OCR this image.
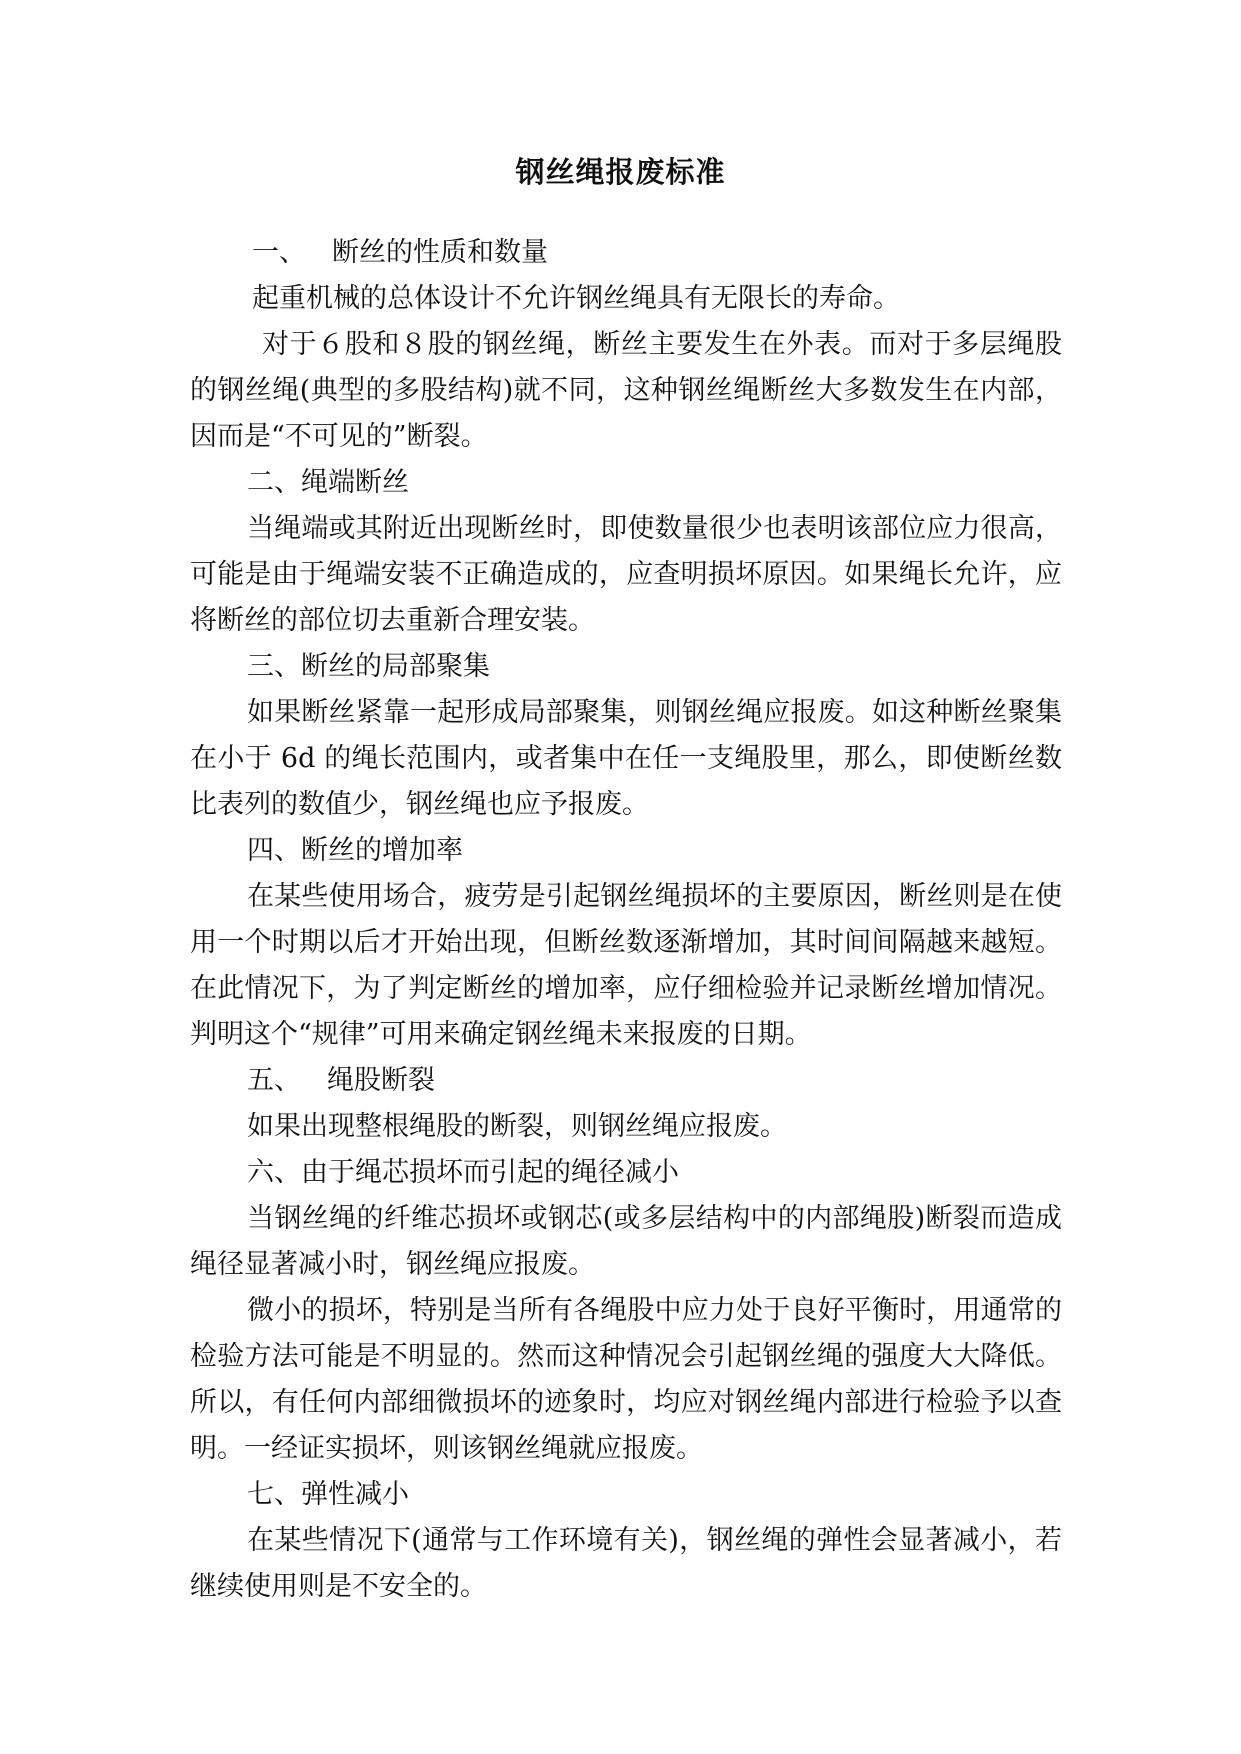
钢丝绳报废标准

一、 断丝的性质和数量

起重机械的总体设计不允许钢丝绳具有无限长的寿命。

对于６股和８股的钢丝绳，断丝主要发生在外表。而对于多层绳股的钢丝绳(典型的多股结构)就不同，这种钢丝绳断丝大多数发生在内部，因而是“不可见的”断裂。

二、绳端断丝

当绳端或其附近出现断丝时，即使数量很少也表明该部位应力很高，可能是由于绳端安装不正确造成的，应查明损坏原因。如果绳长允许，应将断丝的部位切去重新合理安装。

三、断丝的局部聚集

如果断丝紧靠一起形成局部聚集，则钢丝绳应报废。如这种断丝聚集在小于 6d 的绳长范围内，或者集中在任一支绳股里，那么，即使断丝数比表列的数值少，钢丝绳也应予报废。

四、断丝的增加率

在某些使用场合，疲劳是引起钢丝绳损坏的主要原因，断丝则是在使用一个时期以后才开始出现，但断丝数逐渐增加，其时间间隔越来越短。在此情况下，为了判定断丝的增加率，应仔细检验并记录断丝增加情况。判明这个“规律”可用来确定钢丝绳未来报废的日期。

五、 绳股断裂

如果出现整根绳股的断裂，则钢丝绳应报废。

六、由于绳芯损坏而引起的绳径减小

当钢丝绳的纤维芯损坏或钢芯(或多层结构中的内部绳股)断裂而造成绳径显著减小时，钢丝绳应报废。

微小的损坏，特别是当所有各绳股中应力处于良好平衡时，用通常的检验方法可能是不明显的。然而这种情况会引起钢丝绳的强度大大降低。所以，有任何内部细微损坏的迹象时，均应对钢丝绳内部进行检验予以查明。一经证实损坏，则该钢丝绳就应报废。

七、弹性减小

在某些情况下(通常与工作环境有关)，钢丝绳的弹性会显著减小，若继续使用则是不安全的。
